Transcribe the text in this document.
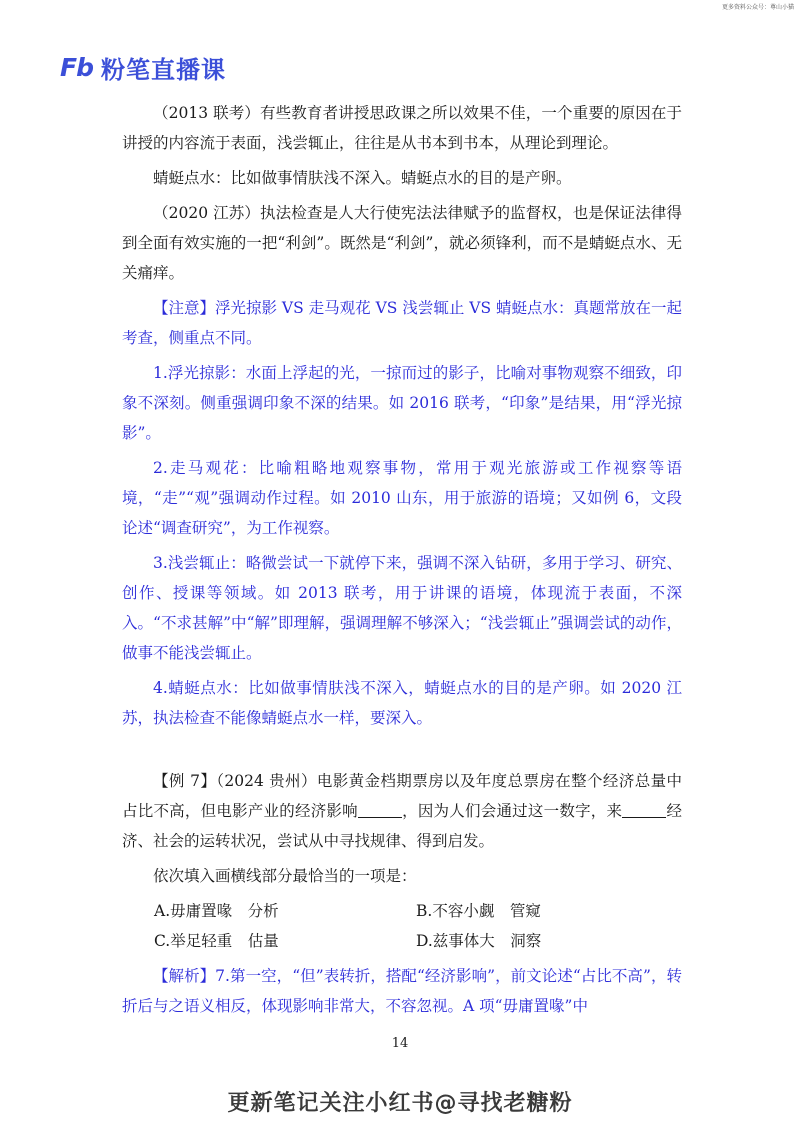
更多资料公众号：尊山小猫
Fb 粉笔直播课

（2013 联考）有些教育者讲授思政课之所以效果不佳，一个重要的原因在于讲授的内容流于表面，浅尝辄止，往往是从书本到书本，从理论到理论。

蜻蜓点水：比如做事情肤浅不深入。蜻蜓点水的目的是产卵。

（2020 江苏）执法检查是人大行使宪法法律赋予的监督权，也是保证法律得到全面有效实施的一把“利剑”。既然是“利剑”，就必须锋利，而不是蜻蜓点水、无关痛痒。

【注意】浮光掠影 VS 走马观花 VS 浅尝辄止 VS 蜻蜓点水：真题常放在一起考查，侧重点不同。

1.浮光掠影：水面上浮起的光，一掠而过的影子，比喻对事物观察不细致，印象不深刻。侧重强调印象不深的结果。如 2016 联考，“印象”是结果，用“浮光掠影”。

2.走马观花：比喻粗略地观察事物，常用于观光旅游或工作视察等语境，“走”“观”强调动作过程。如 2010 山东，用于旅游的语境；又如例 6，文段论述“调查研究”，为工作视察。

3.浅尝辄止：略微尝试一下就停下来，强调不深入钻研，多用于学习、研究、创作、授课等领域。如 2013 联考，用于讲课的语境，体现流于表面，不深入。“不求甚解”中“解”即理解，强调理解不够深入；“浅尝辄止”强调尝试的动作，做事不能浅尝辄止。

4.蜻蜓点水：比如做事情肤浅不深入，蜻蜓点水的目的是产卵。如 2020 江苏，执法检查不能像蜻蜓点水一样，要深入。

【例 7】（2024 贵州）电影黄金档期票房以及年度总票房在整个经济总量中占比不高，但电影产业的经济影响	，因为人们会通过这一数字，来	经济、社会的运转状况，尝试从中寻找规律、得到启发。

依次填入画横线部分最恰当的一项是：

A.毋庸置喙　分析	B.不容小觑　管窥
C.举足轻重　估量	D.兹事体大　洞察

【解析】7.第一空，“但”表转折，搭配“经济影响”，前文论述“占比不高”，转折后与之语义相反，体现影响非常大，不容忽视。A 项“毋庸置喙”中

14
更新笔记关注小红书@寻找老糖粉
